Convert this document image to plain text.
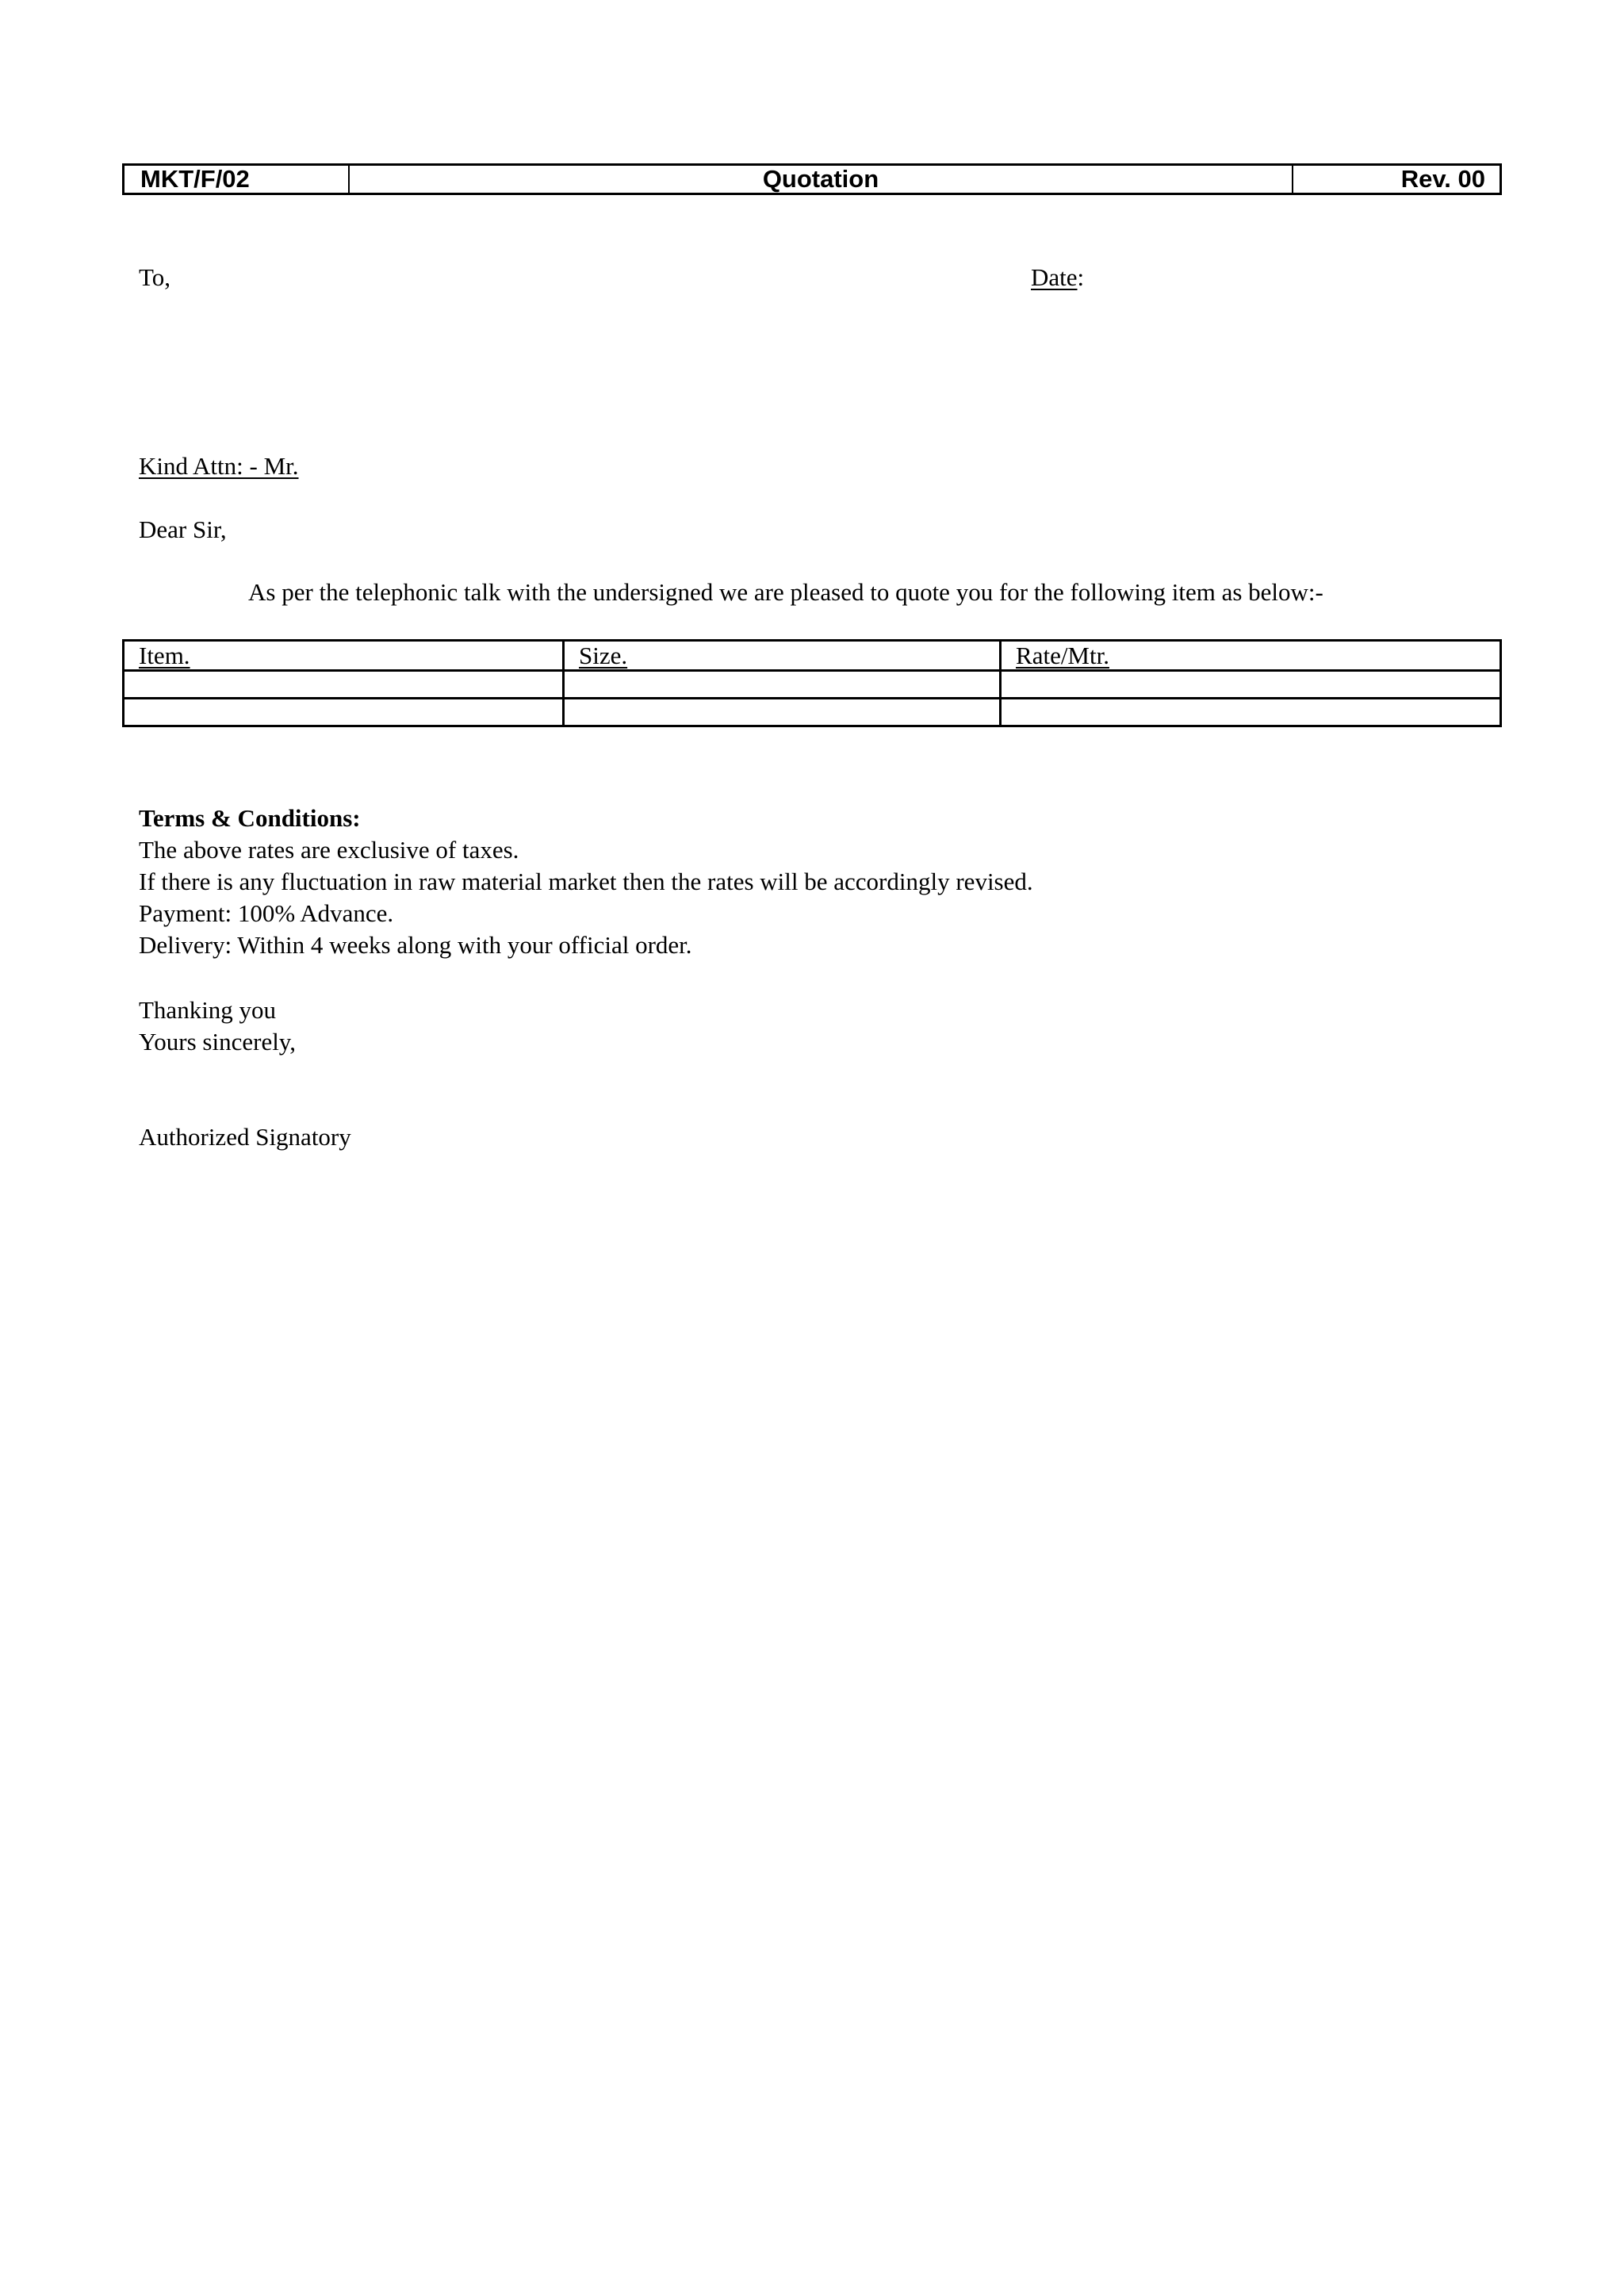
MKT/F/02	Quotation	Rev. 00
To,	Date:
Kind Attn: - Mr.
Dear Sir,
As per the telephonic talk with the undersigned we are pleased to quote you for the following item as below:-
Item.	Size.	Rate/Mtr.

Terms & Conditions:
The above rates are exclusive of taxes.
If there is any fluctuation in raw material market then the rates will be accordingly revised.
Payment: 100% Advance.
Delivery: Within 4 weeks along with your official order.
Thanking you
Yours sincerely,
Authorized Signatory
